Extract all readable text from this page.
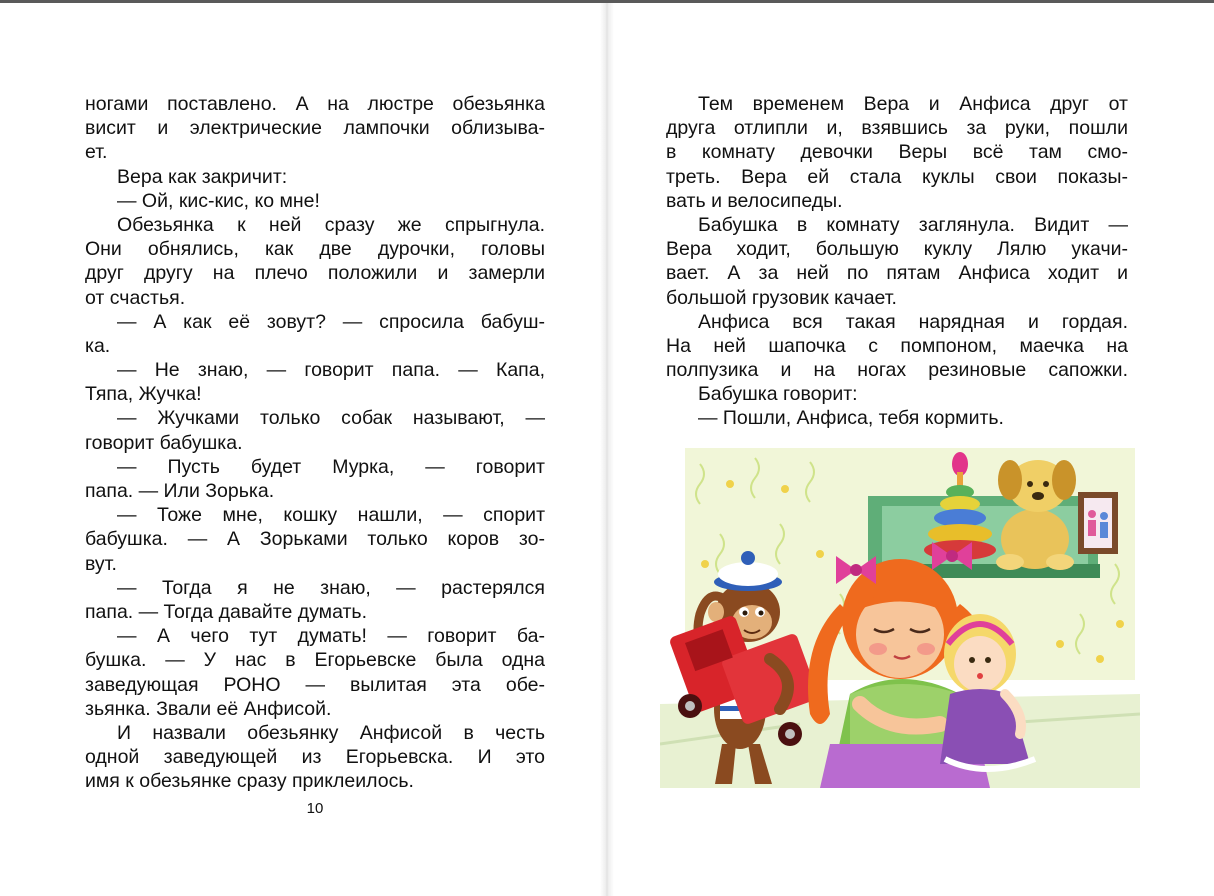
ногами поставлено. А на люстре обезьянка
висит и электрические лампочки облизыва-
ет.
Вера как закричит:
— Ой, кис-кис, ко мне!
Обезьянка к ней сразу же спрыгнула.
Они обнялись, как две дурочки, головы
друг другу на плечо положили и замерли
от счастья.
— А как её зовут? — спросила бабуш-
ка.
— Не знаю, — говорит папа. — Капа,
Тяпа, Жучка!
— Жучками только собак называют, —
говорит бабушка.
— Пусть будет Мурка, — говорит
папа. — Или Зорька.
— Тоже мне, кошку нашли, — спорит
бабушка. — А Зорьками только коров зо-
вут.
— Тогда я не знаю, — растерялся
папа. — Тогда давайте думать.
— А чего тут думать! — говорит ба-
бушка. — У нас в Егорьевске была одна
заведующая РОНО — вылитая эта обе-
зьянка. Звали её Анфисой.
И назвали обезьянку Анфисой в честь
одной заведующей из Егорьевска. И это
имя к обезьянке сразу приклеилось.
10
Тем временем Вера и Анфиса друг от
друга отлипли и, взявшись за руки, пошли
в комнату девочки Веры всё там смо-
треть. Вера ей стала куклы свои показы-
вать и велосипеды.
Бабушка в комнату заглянула. Видит —
Вера ходит, большую куклу Лялю укачи-
вает. А за ней по пятам Анфиса ходит и
большой грузовик качает.
Анфиса вся такая нарядная и гордая.
На ней шапочка с помпоном, маечка на
полпузика и на ногах резиновые сапожки.
Бабушка говорит:
— Пошли, Анфиса, тебя кормить.
